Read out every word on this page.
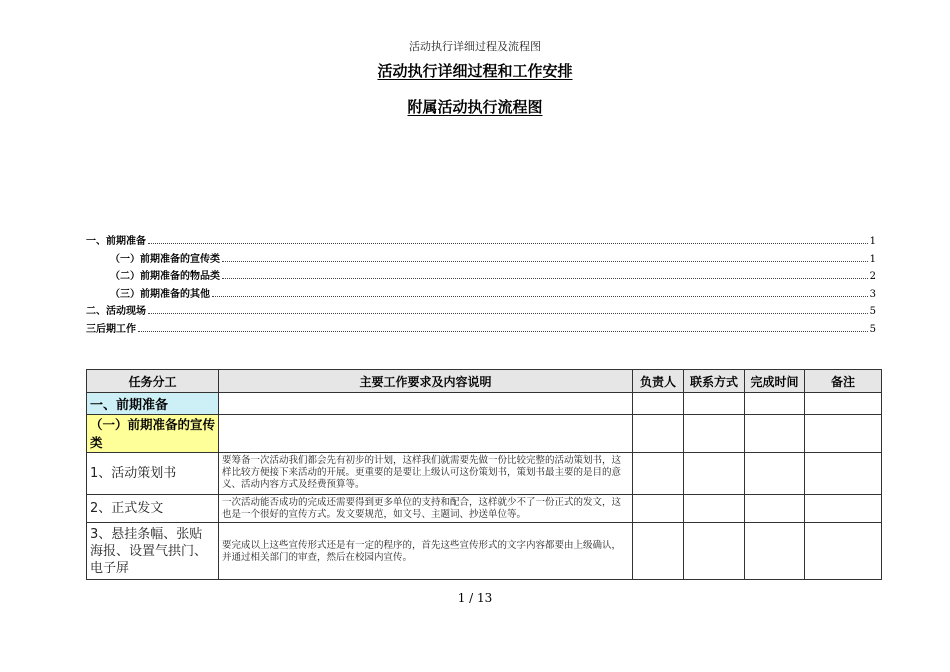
活动执行详细过程及流程图
活动执行详细过程和工作安排
附属活动执行流程图
一、前期准备	1
（一）前期准备的宣传类	1
（二）前期准备的物品类	2
（三）前期准备的其他	3
二、活动现场	5
三后期工作	5
任务分工	主要工作要求及内容说明	负责人	联系方式	完成时间	备注
一、前期准备					
（一）前期准备的宣传类					
1、活动策划书	要筹备一次活动我们都会先有初步的计划，这样我们就需要先做一份比较完整的活动策划书，这样比较方便接下来活动的开展。更重要的是要让上级认可这份策划书，策划书最主要的是目的意义、活动内容方式及经费预算等。				
2、正式发文	一次活动能否成功的完成还需要得到更多单位的支持和配合，这样就少不了一份正式的发文，这也是一个很好的宣传方式。发文要规范，如文号、主题词、抄送单位等。				
3、悬挂条幅、张贴海报、设置气拱门、电子屏	要完成以上这些宣传形式还是有一定的程序的，首先这些宣传形式的文字内容都要由上级确认，并通过相关部门的审查，然后在校园内宣传。				
1 / 13
